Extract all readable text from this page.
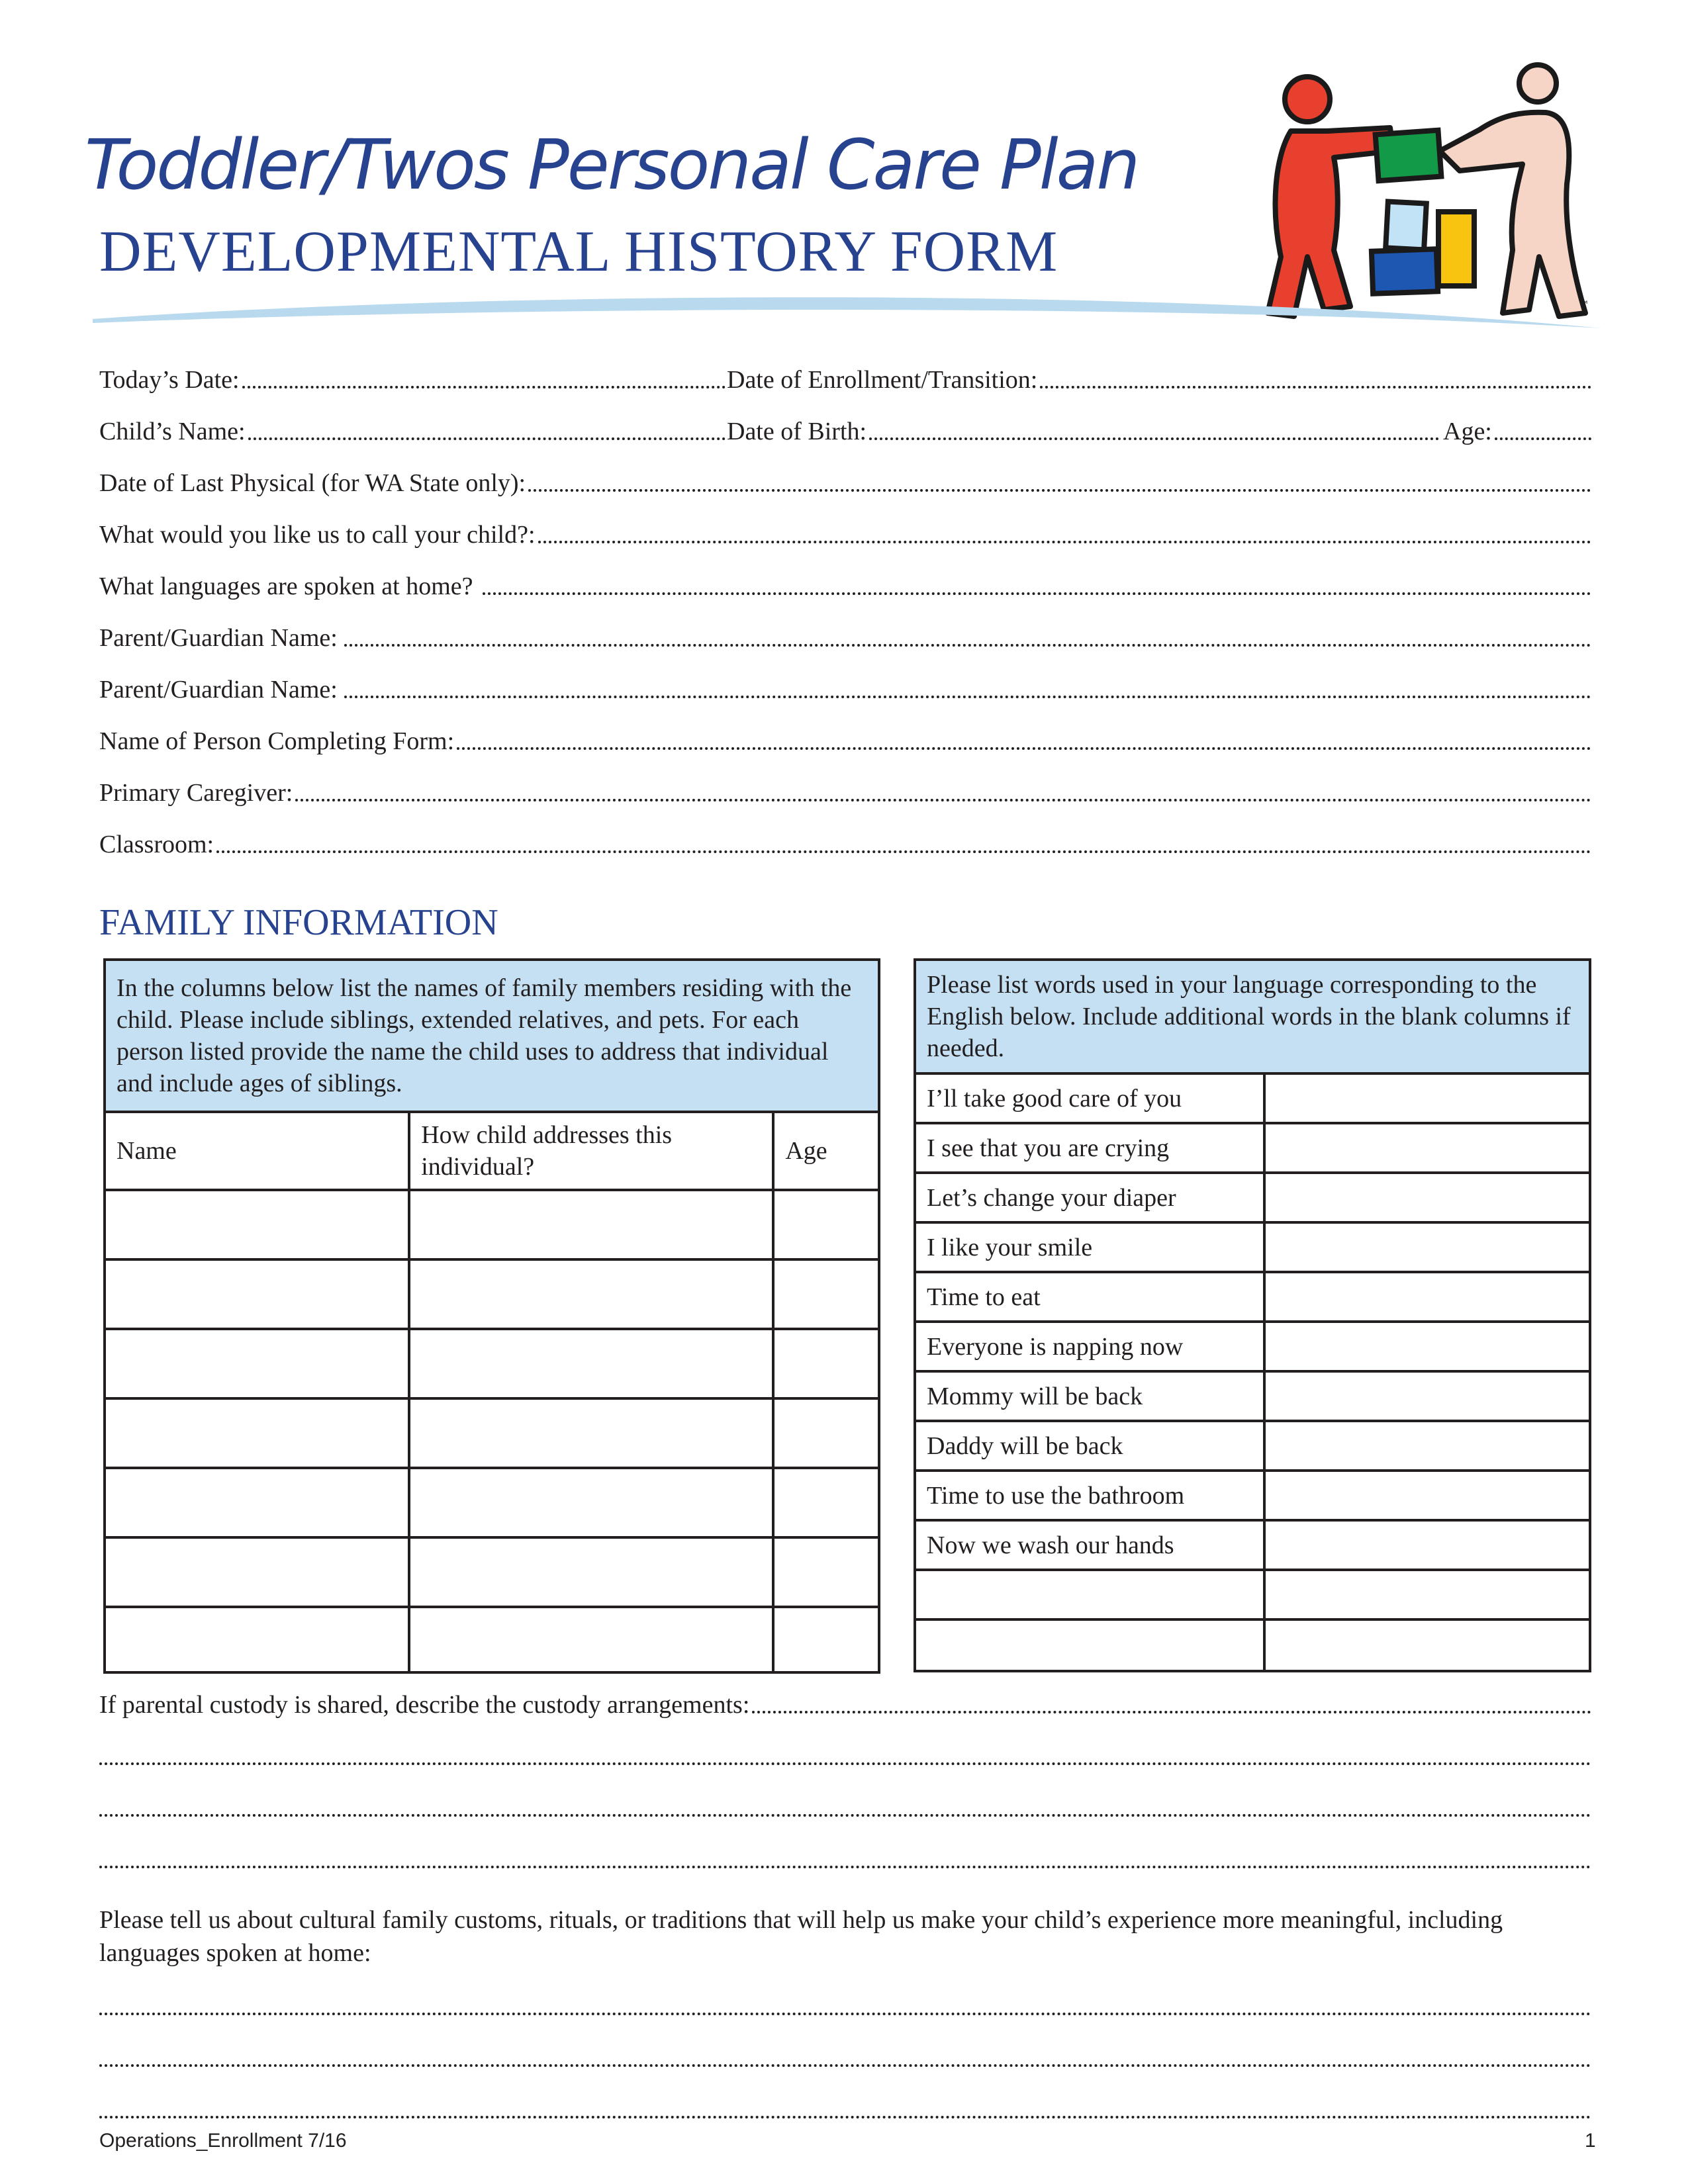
Toddler/Twos Personal Care Plan
DEVELOPMENTAL HISTORY FORM
™
Today’s Date:	Date of Enrollment/Transition:
Child’s Name:	Date of Birth:	Age:
Date of Last Physical (for WA State only):
What would you like us to call your child?:
What languages are spoken at home?
Parent/Guardian Name:
Parent/Guardian Name:
Name of Person Completing Form:
Primary Caregiver:
Classroom:
FAMILY INFORMATION
In the columns below list the names of family members residing with the child. Please include siblings, extended relatives, and pets. For each person listed provide the name the child uses to address that individual and include ages of siblings.		
Name	How child addresses this individual?	Age

Please list words used in your language corresponding to the English below. Include additional words in the blank columns if needed.	
I’ll take good care of you	
I see that you are crying	
Let’s change your diaper	
I like your smile	
Time to eat	
Everyone is napping now	
Mommy will be back	
Daddy will be back	
Time to use the bathroom	
Now we wash our hands	

If parental custody is shared, describe the custody arrangements:
Please tell us about cultural family customs, rituals, or traditions that will help us make your child’s experience more meaningful, including languages spoken at home:
Operations_Enrollment 7/16	1
